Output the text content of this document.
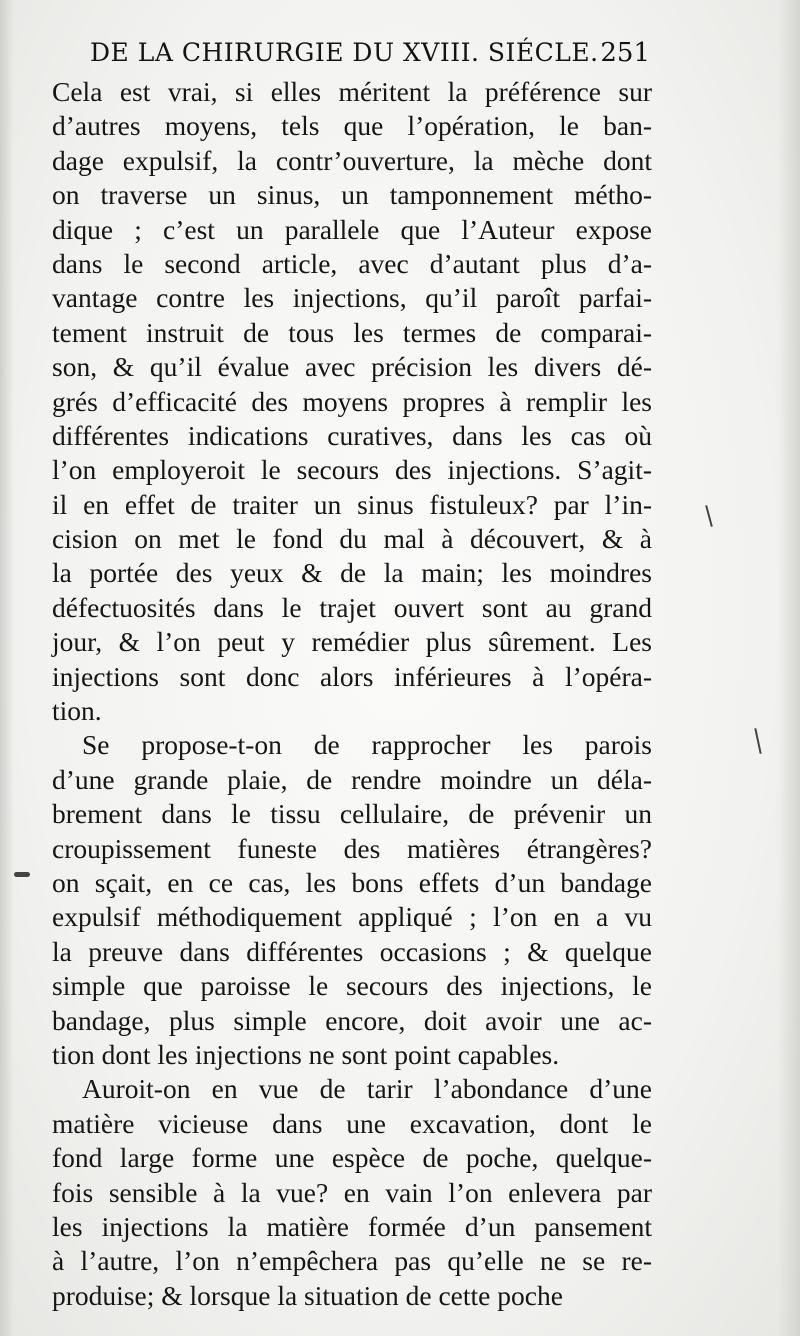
DE LA CHIRURGIE DU XVIII. SIÉCLE. 251
Cela est vrai, si elles méritent la préférence sur
d’autres moyens, tels que l’opération, le ban-
dage expulsif, la contr’ouverture, la mèche dont
on traverse un sinus, un tamponnement métho-
dique ; c’est un parallele que l’Auteur expose
dans le second article, avec d’autant plus d’a-
vantage contre les injections, qu’il paroît parfai-
tement instruit de tous les termes de comparai-
son, & qu’il évalue avec précision les divers dé-
grés d’efficacité des moyens propres à remplir les
différentes indications curatives, dans les cas où
l’on employeroit le secours des injections. S’agit-
il en effet de traiter un sinus fistuleux? par l’in-
cision on met le fond du mal à découvert, & à
la portée des yeux & de la main; les moindres
défectuosités dans le trajet ouvert sont au grand
jour, & l’on peut y remédier plus sûrement. Les
injections sont donc alors inférieures à l’opéra-
tion.
Se propose-t-on de rapprocher les parois
d’une grande plaie, de rendre moindre un déla-
brement dans le tissu cellulaire, de prévenir un
croupissement funeste des matières étrangères?
on sçait, en ce cas, les bons effets d’un bandage
expulsif méthodiquement appliqué ; l’on en a vu
la preuve dans différentes occasions ; & quelque
simple que paroisse le secours des injections, le
bandage, plus simple encore, doit avoir une ac-
tion dont les injections ne sont point capables.
Auroit-on en vue de tarir l’abondance d’une
matière vicieuse dans une excavation, dont le
fond large forme une espèce de poche, quelque-
fois sensible à la vue? en vain l’on enlevera par
les injections la matière formée d’un pansement
à l’autre, l’on n’empêchera pas qu’elle ne se re-
produise; & lorsque la situation de cette poche
